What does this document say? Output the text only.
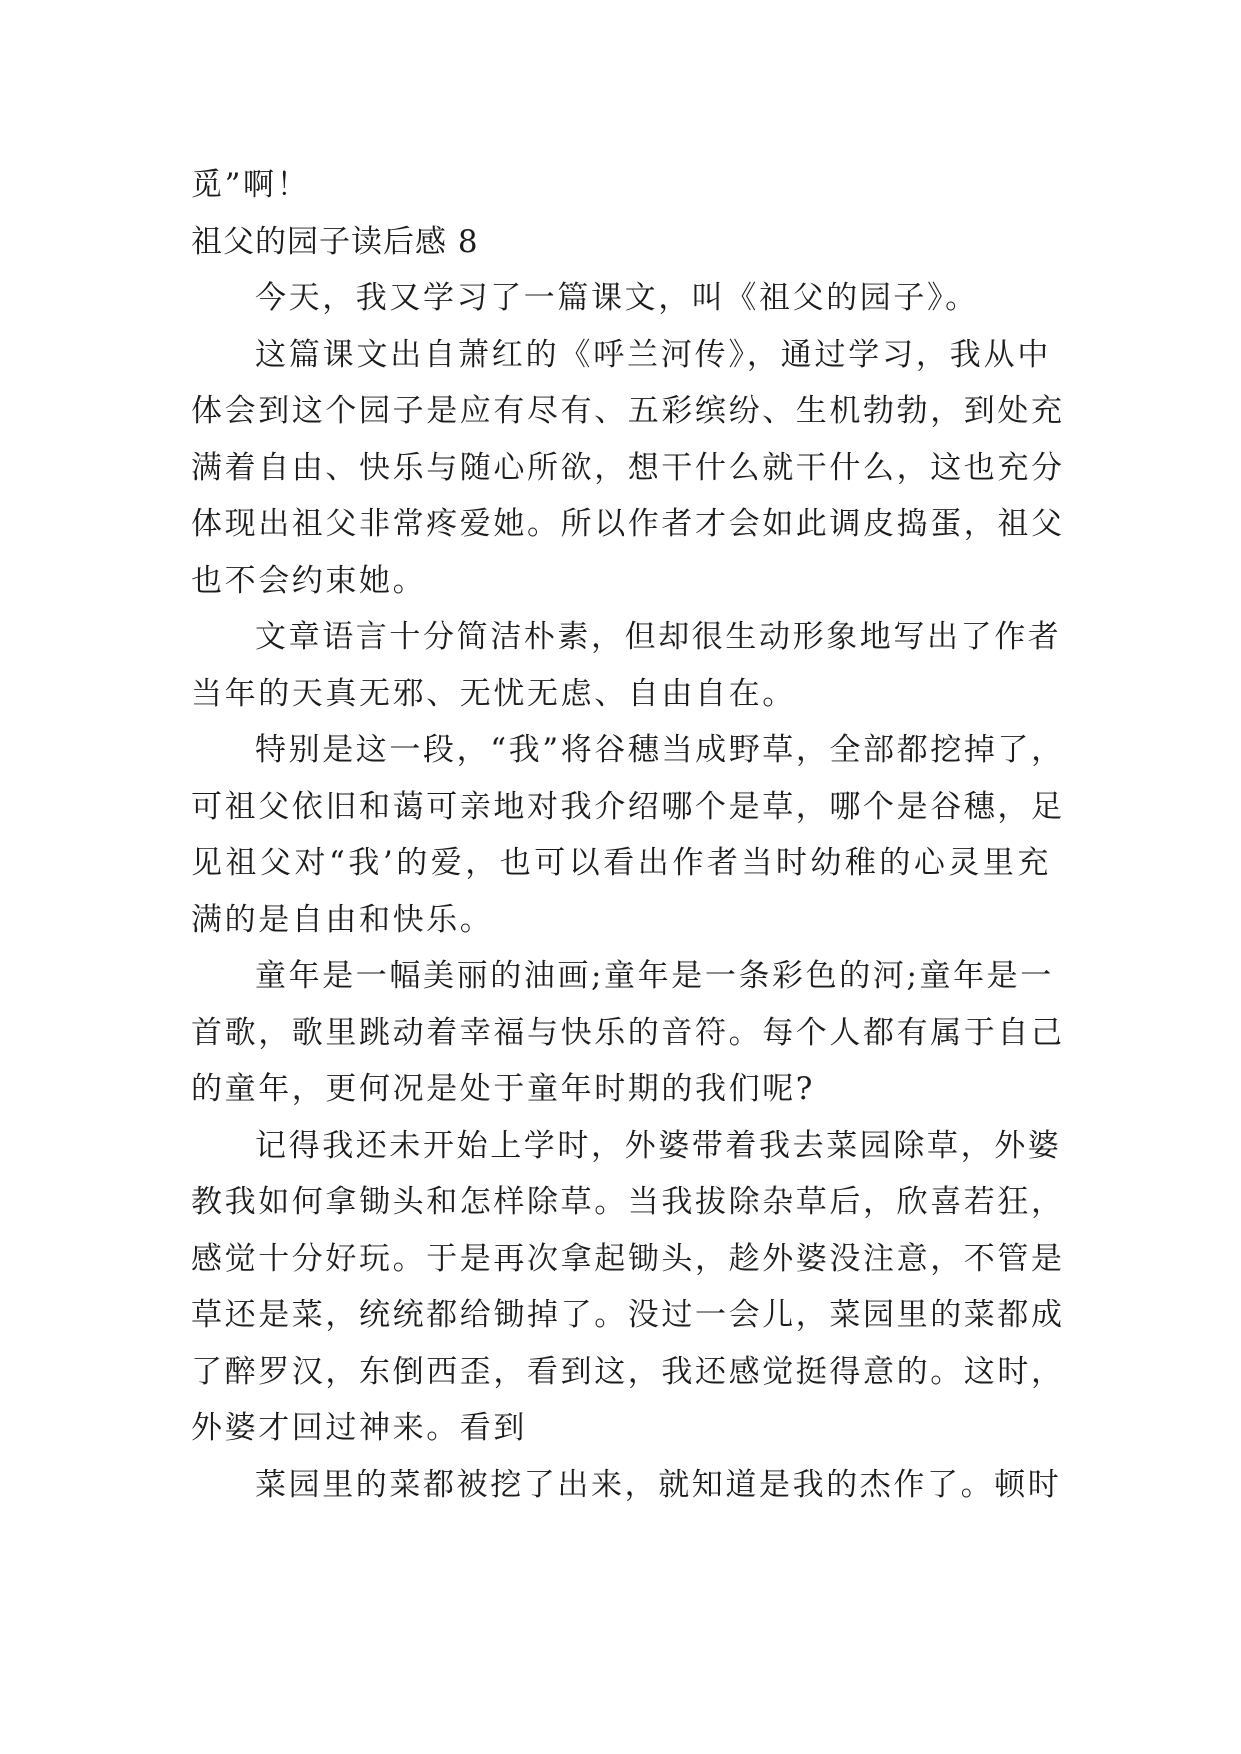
觅”啊！
祖父的园子读后感 8
今天，我又学习了一篇课文，叫《祖父的园子》。
这篇课文出自萧红的《呼兰河传》，通过学习，我从中
体会到这个园子是应有尽有、五彩缤纷、生机勃勃，到处充
满着自由、快乐与随心所欲，想干什么就干什么，这也充分
体现出祖父非常疼爱她。所以作者才会如此调皮捣蛋，祖父
也不会约束她。
文章语言十分简洁朴素，但却很生动形象地写出了作者
当年的天真无邪、无忧无虑、自由自在。
特别是这一段，“我”将谷穗当成野草，全部都挖掉了，
可祖父依旧和蔼可亲地对我介绍哪个是草，哪个是谷穗，足
见祖父对“我’的爱，也可以看出作者当时幼稚的心灵里充
满的是自由和快乐。
童年是一幅美丽的油画;童年是一条彩色的河;童年是一
首歌，歌里跳动着幸福与快乐的音符。每个人都有属于自己
的童年，更何况是处于童年时期的我们呢?
记得我还未开始上学时，外婆带着我去菜园除草，外婆
教我如何拿锄头和怎样除草。当我拔除杂草后，欣喜若狂，
感觉十分好玩。于是再次拿起锄头，趁外婆没注意，不管是
草还是菜，统统都给锄掉了。没过一会儿，菜园里的菜都成
了醉罗汉，东倒西歪，看到这，我还感觉挺得意的。这时，
外婆才回过神来。看到
菜园里的菜都被挖了出来，就知道是我的杰作了。顿时
